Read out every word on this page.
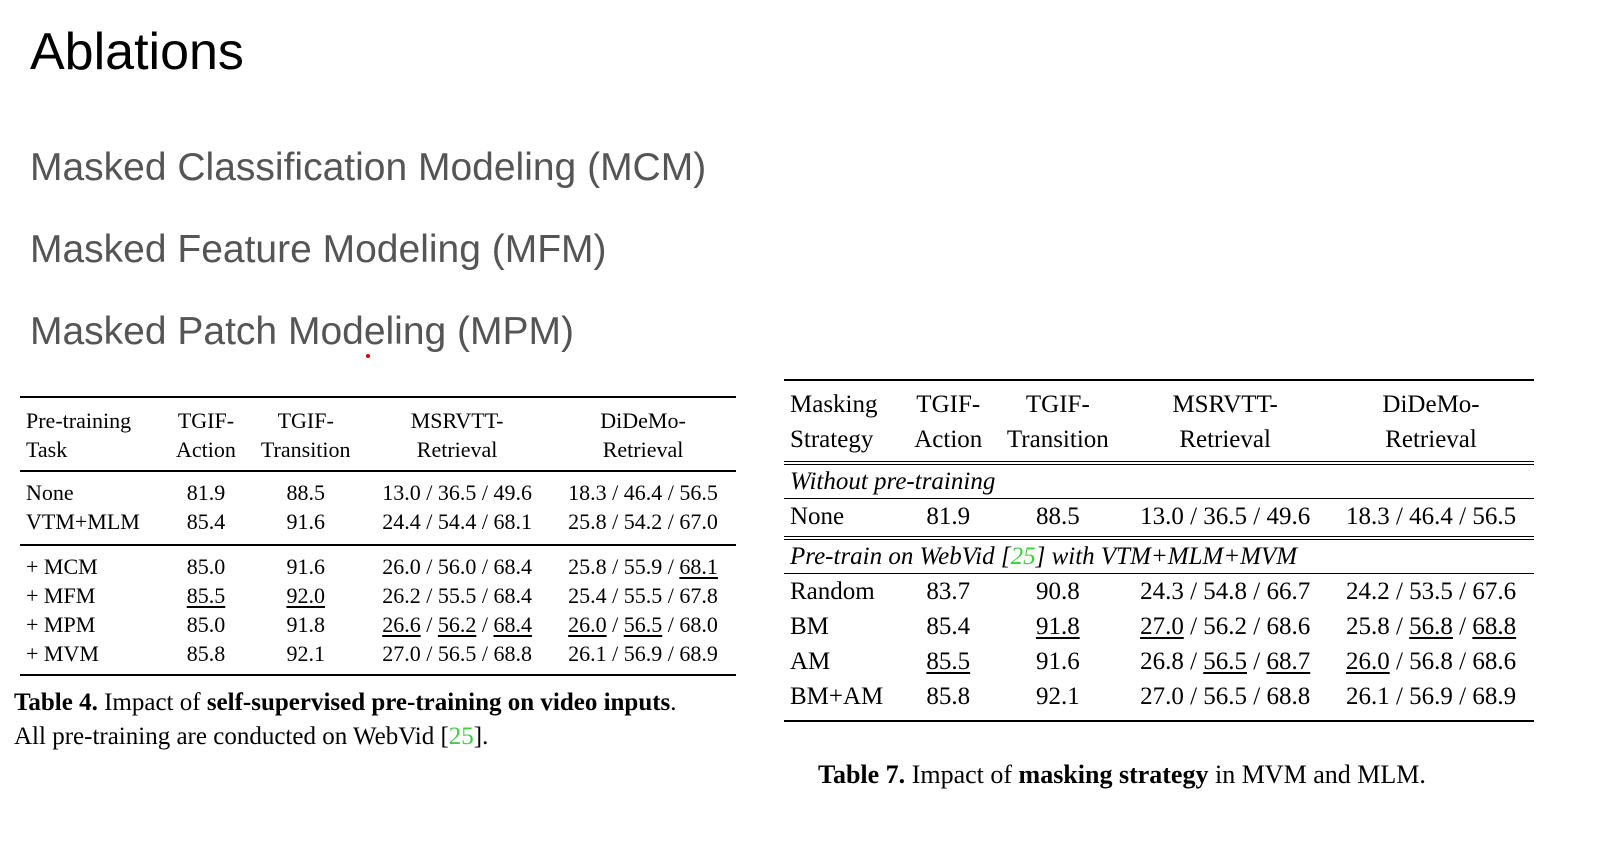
Ablations
Masked Classification Modeling (MCM)
Masked Feature Modeling (MFM)
Masked Patch Modeling (MPM)
Pre-training	TGIF-	TGIF-	MSRVTT-	DiDeMo-
Task	Action	Transition	Retrieval	Retrieval
None	81.9	88.5	13.0 / 36.5 / 49.6	18.3 / 46.4 / 56.5
VTM+MLM	85.4	91.6	24.4 / 54.4 / 68.1	25.8 / 54.2 / 67.0
+ MCM	85.0	91.6	26.0 / 56.0 / 68.4	25.8 / 55.9 / 68.1
+ MFM	85.5	92.0	26.2 / 55.5 / 68.4	25.4 / 55.5 / 67.8
+ MPM	85.0	91.8	26.6 / 56.2 / 68.4	26.0 / 56.5 / 68.0
+ MVM	85.8	92.1	27.0 / 56.5 / 68.8	26.1 / 56.9 / 68.9
Table 4. Impact of self-supervised pre-training on video inputs.
All pre-training are conducted on WebVid [25].
Masking	TGIF-	TGIF-	MSRVTT-	DiDeMo-
Strategy	Action	Transition	Retrieval	Retrieval
Without pre-training				
None	81.9	88.5	13.0 / 36.5 / 49.6	18.3 / 46.4 / 56.5
Pre-train on WebVid [25] with VTM+MLM+MVM				
Random	83.7	90.8	24.3 / 54.8 / 66.7	24.2 / 53.5 / 67.6
BM	85.4	91.8	27.0 / 56.2 / 68.6	25.8 / 56.8 / 68.8
AM	85.5	91.6	26.8 / 56.5 / 68.7	26.0 / 56.8 / 68.6
BM+AM	85.8	92.1	27.0 / 56.5 / 68.8	26.1 / 56.9 / 68.9
Table 7. Impact of masking strategy in MVM and MLM.
